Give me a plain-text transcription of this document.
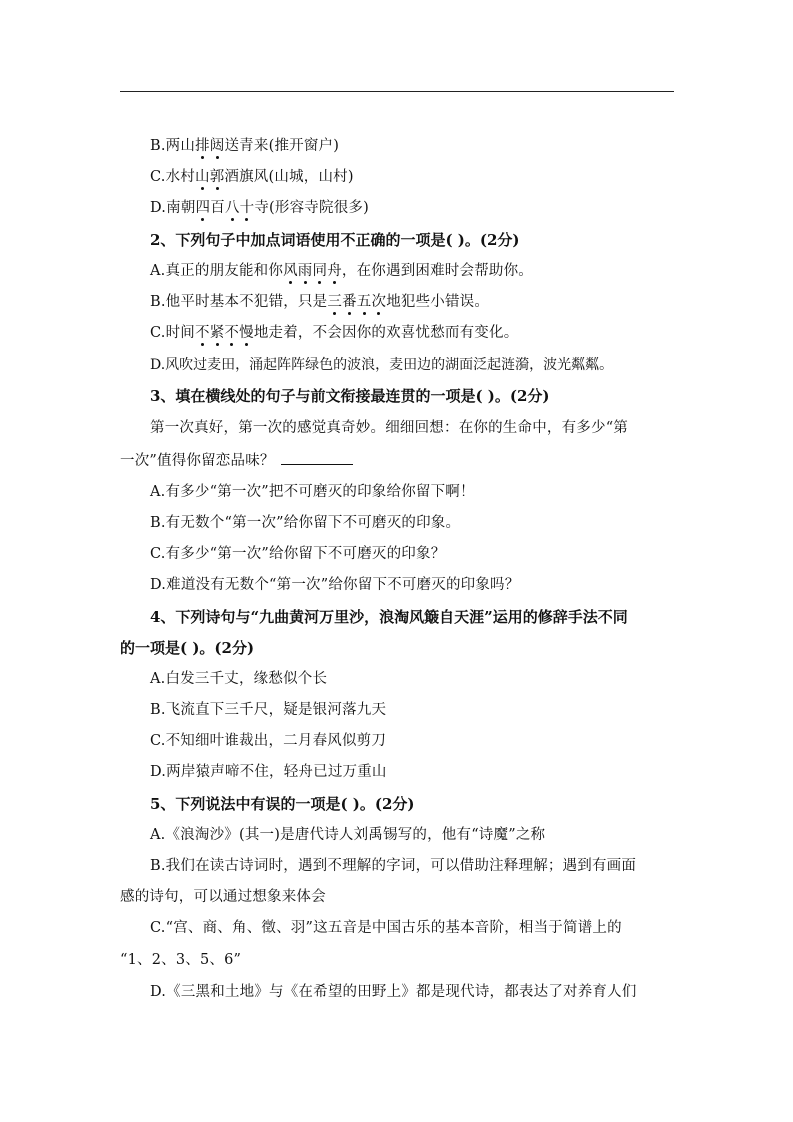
B.两山排闼送青来(推开窗户)
C.水村山郭酒旗风(山城，山村)
D.南朝四百八十寺(形容寺院很多)
2、下列句子中加点词语使用不正确的一项是( )。(2分)
A.真正的朋友能和你风雨同舟，在你遇到困难时会帮助你。
B.他平时基本不犯错，只是三番五次地犯些小错误。
C.时间不紧不慢地走着，不会因你的欢喜忧愁而有变化。
D.风吹过麦田，涌起阵阵绿色的波浪，麦田边的湖面泛起涟漪，波光粼粼。
3、填在横线处的句子与前文衔接最连贯的一项是( )。(2分)
第一次真好，第一次的感觉真奇妙。细细回想：在你的生命中，有多少“第
一次”值得你留恋品味？
A.有多少“第一次”把不可磨灭的印象给你留下啊！
B.有无数个“第一次”给你留下不可磨灭的印象。
C.有多少“第一次”给你留下不可磨灭的印象？
D.难道没有无数个“第一次”给你留下不可磨灭的印象吗？
4、下列诗句与“九曲黄河万里沙，浪淘风簸自天涯”运用的修辞手法不同
的一项是( )。(2分)
A.白发三千丈，缘愁似个长
B.飞流直下三千尺，疑是银河落九天
C.不知细叶谁裁出，二月春风似剪刀
D.两岸猿声啼不住，轻舟已过万重山
5、下列说法中有误的一项是( )。(2分)
A.《浪淘沙》(其一)是唐代诗人刘禹锡写的，他有“诗魔”之称
B.我们在读古诗词时，遇到不理解的字词，可以借助注释理解；遇到有画面
感的诗句，可以通过想象来体会
C.“宫、商、角、徵、羽”这五音是中国古乐的基本音阶，相当于简谱上的
“1、2、3、5、6”
D.《三黑和土地》与《在希望的田野上》都是现代诗，都表达了对养育人们
